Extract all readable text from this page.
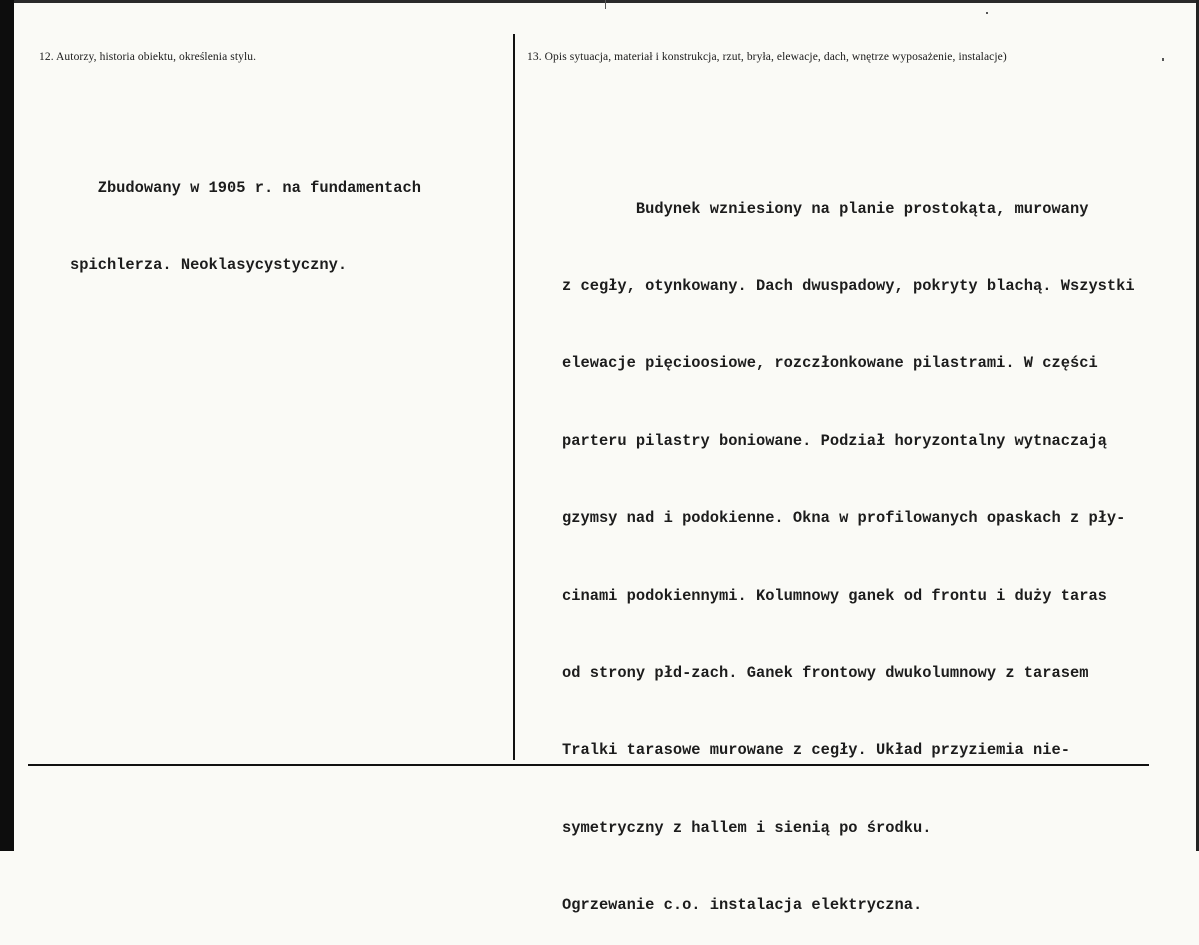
12. Autorzy, historia obiektu, określenia stylu.	13. Opis sytuacja, materiał i konstrukcja, rzut, bryła, elewacje, dach, wnętrze wyposażenie, instalacje)

Zbudowany w 1905 r. na fundamentach

spichlerza. Neoklasycystyczny.

Budynek wzniesiony na planie prostokąta, murowany

z cegły, otynkowany. Dach dwuspadowy, pokryty blachą. Wszystki

elewacje pięcioosiowe, rozczłonkowane pilastrami. W części

parteru pilastry boniowane. Podział horyzontalny wytnaczają

gzymsy nad i podokienne. Okna w profilowanych opaskach z pły-

cinami podokiennymi. Kolumnowy ganek od frontu i duży taras

od strony płd-zach. Ganek frontowy dwukolumnowy z tarasem

Tralki tarasowe murowane z cegły. Układ przyziemia nie-

symetryczny z hallem i sienią po środku.

Ogrzewanie c.o. instalacja elektryczna.
